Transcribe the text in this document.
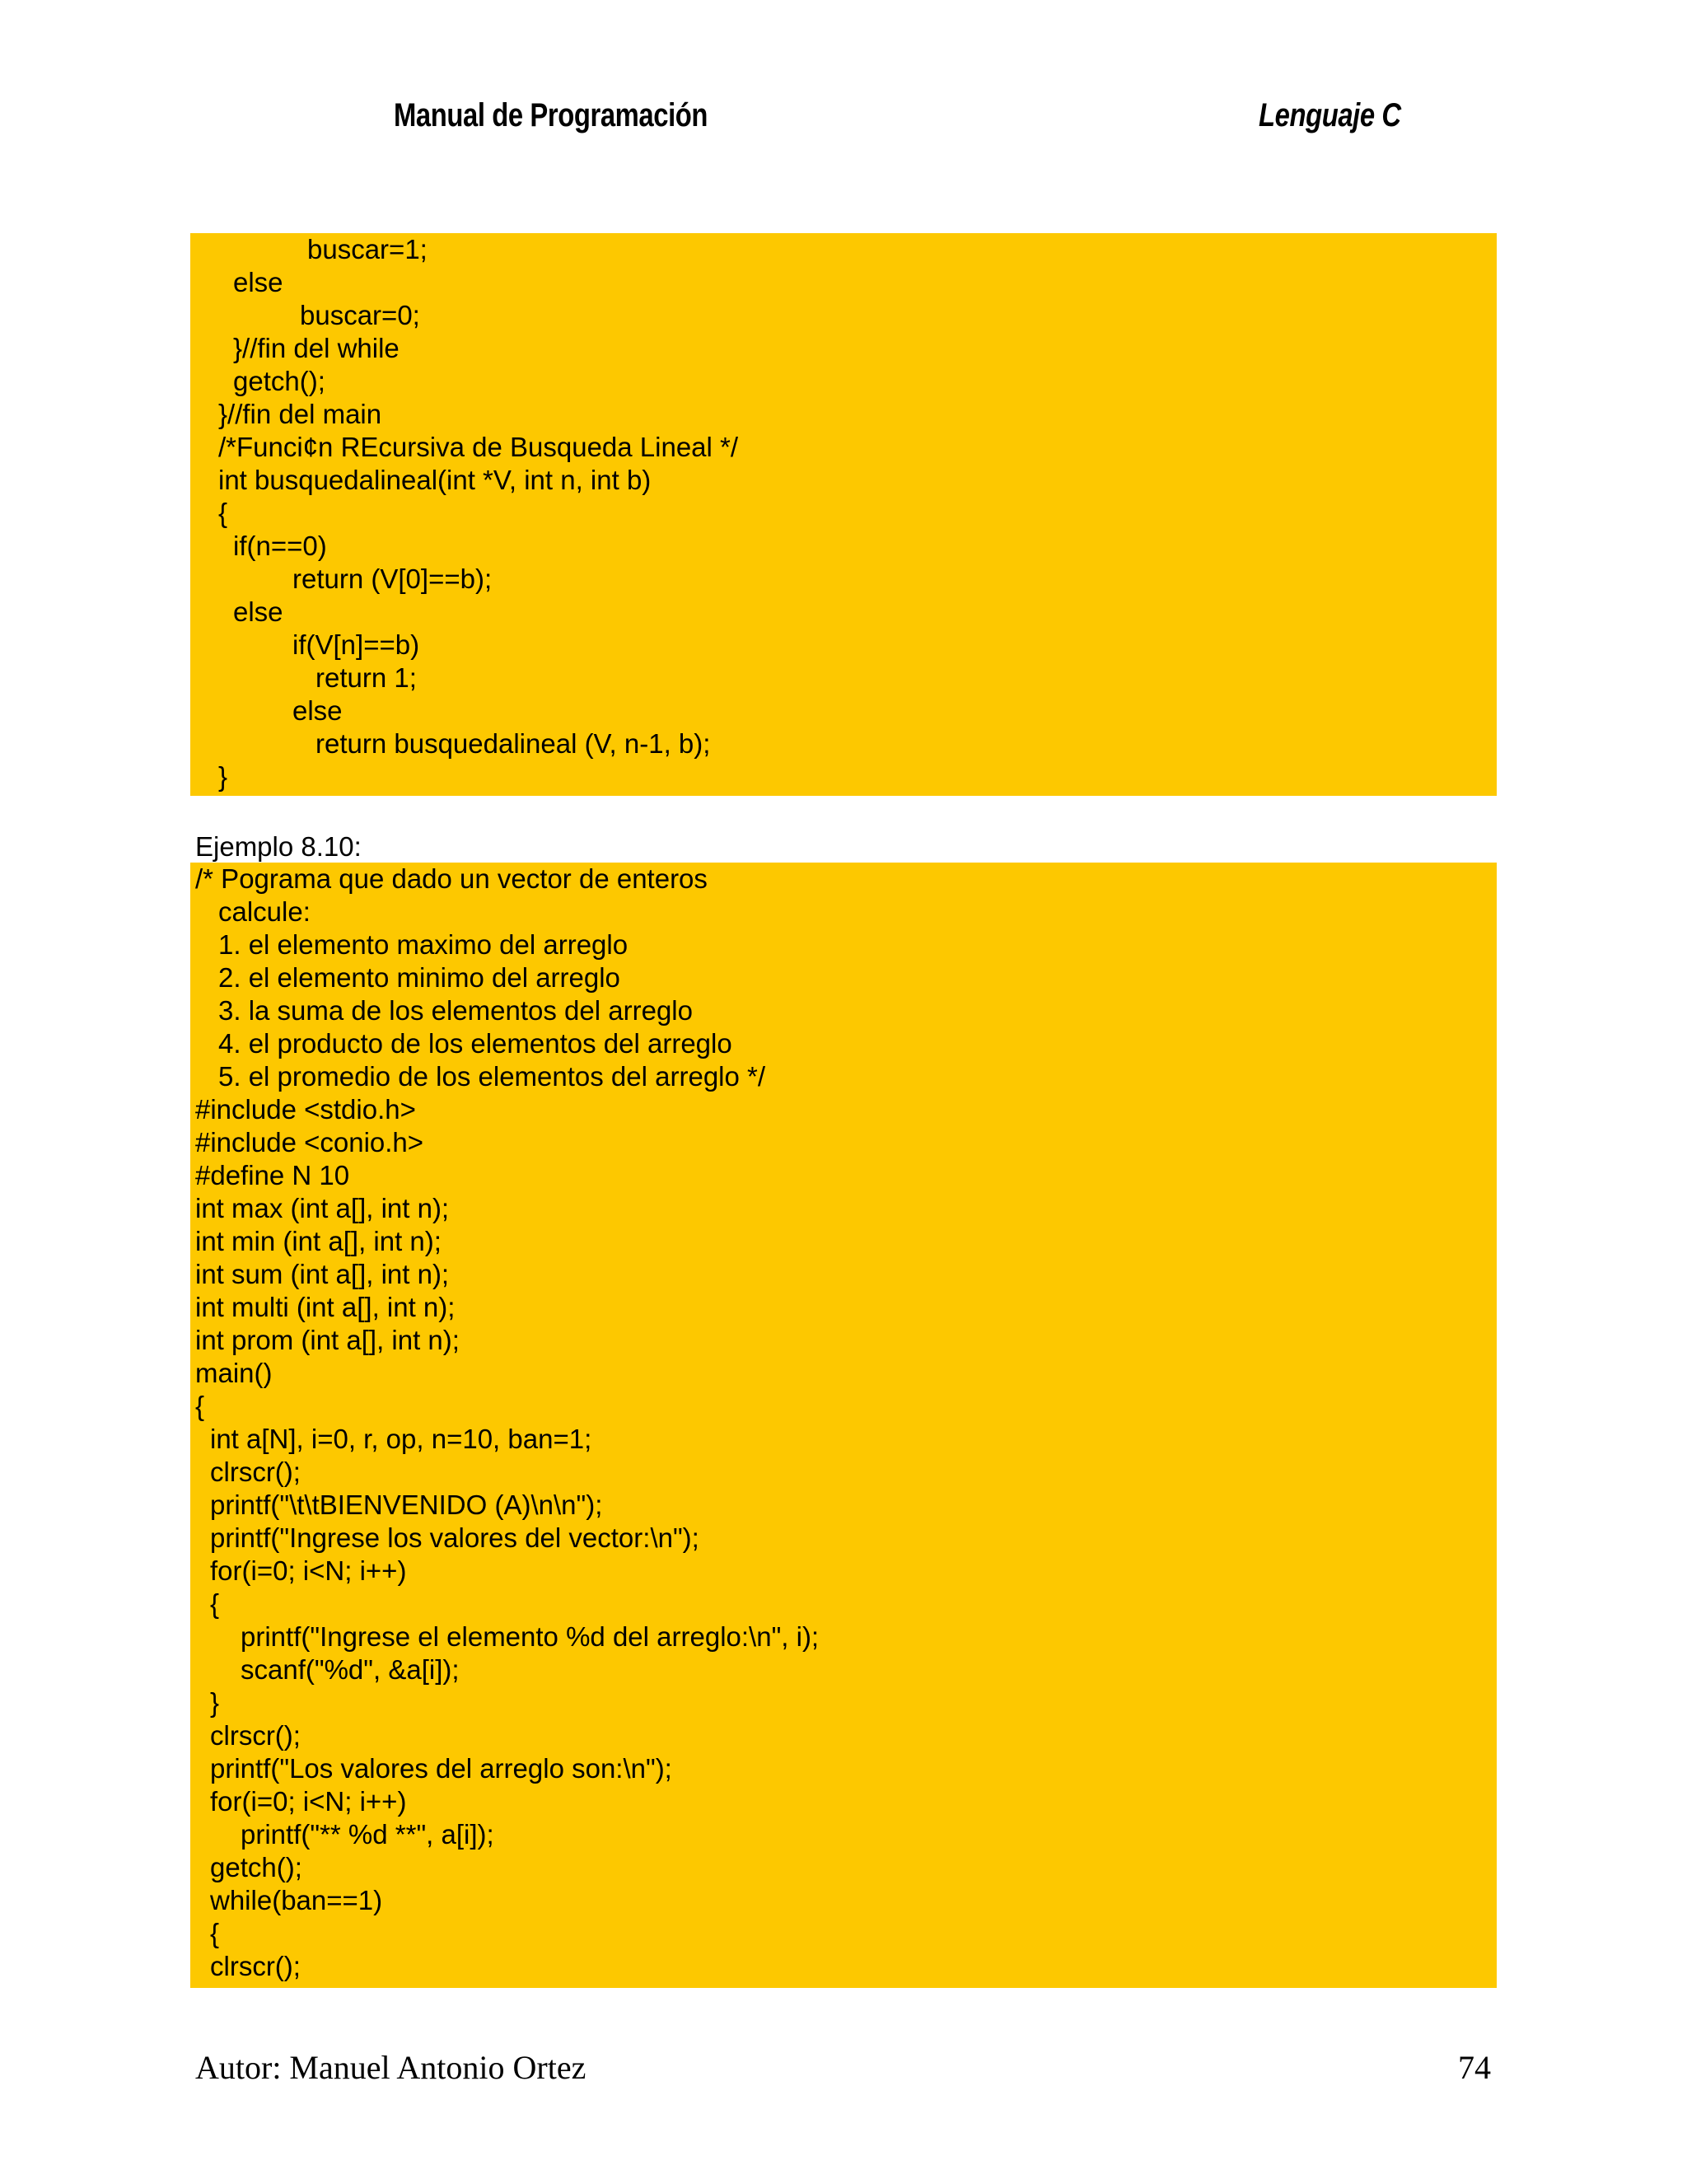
Manual de Programación	Lenguaje C
buscar=1;
else
buscar=0;
}//fin del while
getch();
}//fin del main
/*Funci¢n REcursiva de Busqueda Lineal */
int busquedalineal(int *V, int n, int b)
{
if(n==0)
return (V[0]==b);
else
if(V[n]==b)
return 1;
else
return busquedalineal (V, n-1, b);
}
Ejemplo 8.10:
/* Pograma que dado un vector de enteros
calcule:
1. el elemento maximo del arreglo
2. el elemento minimo del arreglo
3. la suma de los elementos del arreglo
4. el producto de los elementos del arreglo
5. el promedio de los elementos del arreglo */
#include <stdio.h>
#include <conio.h>
#define N 10
int max (int a[], int n);
int min (int a[], int n);
int sum (int a[], int n);
int multi (int a[], int n);
int prom (int a[], int n);
main()
{
int a[N], i=0, r, op, n=10, ban=1;
clrscr();
printf("\t\tBIENVENIDO (A)\n\n");
printf("Ingrese los valores del vector:\n");
for(i=0; i<N; i++)
{
printf("Ingrese el elemento %d del arreglo:\n", i);
scanf("%d", &a[i]);
}
clrscr();
printf("Los valores del arreglo son:\n");
for(i=0; i<N; i++)
printf("** %d **", a[i]);
getch();
while(ban==1)
{
clrscr();
Autor: Manuel Antonio Ortez	74
